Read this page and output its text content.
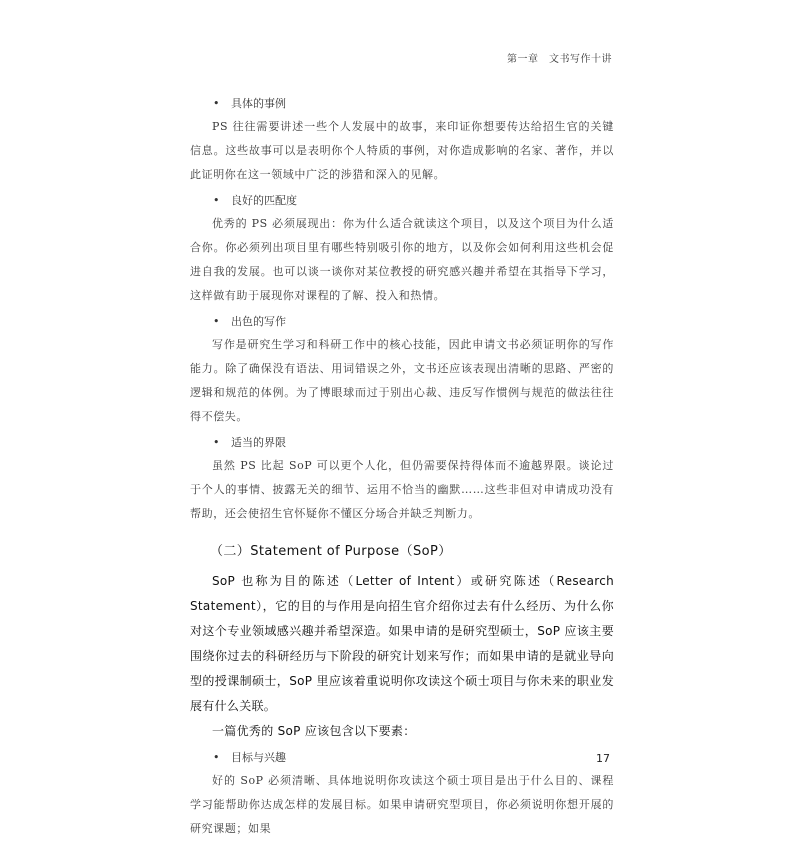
第一章　文书写作十讲
• 具体的事例

PS 往往需要讲述一些个人发展中的故事，来印证你想要传达给招生官的关键信息。这些故事可以是表明你个人特质的事例，对你造成影响的名家、著作，并以此证明你在这一领域中广泛的涉猎和深入的见解。

• 良好的匹配度

优秀的 PS 必须展现出：你为什么适合就读这个项目，以及这个项目为什么适合你。你必须列出项目里有哪些特别吸引你的地方，以及你会如何利用这些机会促进自我的发展。也可以谈一谈你对某位教授的研究感兴趣并希望在其指导下学习，这样做有助于展现你对课程的了解、投入和热情。

• 出色的写作

写作是研究生学习和科研工作中的核心技能，因此申请文书必须证明你的写作能力。除了确保没有语法、用词错误之外，文书还应该表现出清晰的思路、严密的逻辑和规范的体例。为了博眼球而过于别出心裁、违反写作惯例与规范的做法往往得不偿失。

• 适当的界限

虽然 PS 比起 SoP 可以更个人化，但仍需要保持得体而不逾越界限。谈论过于个人的事情、披露无关的细节、运用不恰当的幽默……这些非但对申请成功没有帮助，还会使招生官怀疑你不懂区分场合并缺乏判断力。

（二）Statement of Purpose（SoP）

SoP 也称为目的陈述（Letter of Intent）或研究陈述（Research Statement），它的目的与作用是向招生官介绍你过去有什么经历、为什么你对这个专业领域感兴趣并希望深造。如果申请的是研究型硕士，SoP 应该主要围绕你过去的科研经历与下阶段的研究计划来写作；而如果申请的是就业导向型的授课制硕士，SoP 里应该着重说明你攻读这个硕士项目与你未来的职业发展有什么关联。

一篇优秀的 SoP 应该包含以下要素：

• 目标与兴趣

好的 SoP 必须清晰、具体地说明你攻读这个硕士项目是出于什么目的、课程学习能帮助你达成怎样的发展目标。如果申请研究型项目，你必须说明你想开展的研究课题；如果

17
